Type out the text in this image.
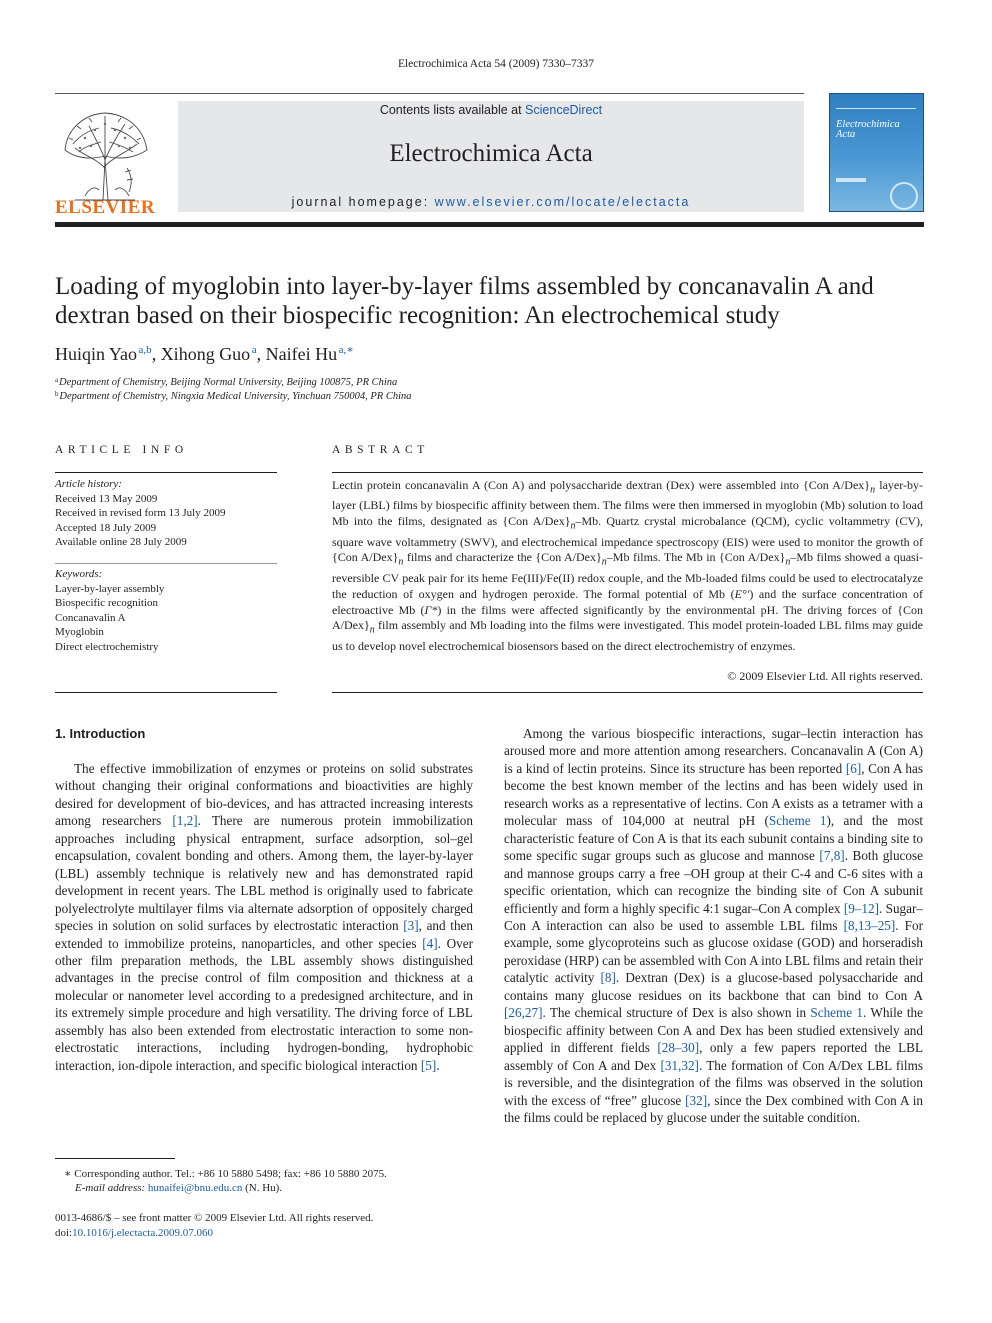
Electrochimica Acta 54 (2009) 7330–7337
ELSEVIER
Contents lists available at ScienceDirect
Electrochimica Acta
journal homepage: www.elsevier.com/locate/electacta
Electrochimica Acta
Loading of myoglobin into layer-by-layer films assembled by concanavalin A and dextran based on their biospecific recognition: An electrochemical study
Huiqin Yao  $^{a,b}$, Xihong Guo  $^a$, Naifei Hu  $^{a,∗}$
$^a$ Department of Chemistry, Beijing Normal University, Beijing 100875, PR China
$^b$ Department of Chemistry, Ningxia Medical University, Yinchuan 750004, PR China
ARTICLE INFO
Article history:
Received 13 May 2009
Received in revised form 13 July 2009
Accepted 18 July 2009
Available online 28 July 2009
Keywords:
Layer-by-layer assembly
Biospecific recognition
Concanavalin A
Myoglobin
Direct electrochemistry
ABSTRACT
Lectin protein concanavalin A (Con A) and polysaccharide dextran (Dex) were assembled into {Con $A/Dex\}_n$ layer-by-layer (LBL) films by biospecific affinity between them. The films were then immersed in myoglobin (Mb) solution to load Mb into the films, designated as {Con $A/Dex\}_n-Mb$. Quartz crystal microbalance (QCM), cyclic voltammetry (CV), square wave voltammetry (SWV), and electrochemical impedance spectroscopy (EIS) were used to monitor the growth of {Con $A/Dex\}_n$ films and characterize the {Con $A/Dex\}_n-Mb$ films. The Mb in {Con $A/Dex\}_n-Mb$ films showed a quasi-reversible CV peak pair for its heme Fe(III)/Fe(II) redox couple, and the Mb-loaded films could be used to electrocatalyze the reduction of oxygen and hydrogen peroxide. The formal potential of Mb (E°′) and the surface concentration of electroactive Mb (Γ*) in the films were affected significantly by the environmental pH. The driving forces of {Con $A/Dex\}_n$ film assembly and Mb loading into the films were investigated. This model protein-loaded LBL films may guide us to develop novel electrochemical biosensors based on the direct electrochemistry of enzymes.
© 2009 Elsevier Ltd. All rights reserved.
1. Introduction

The effective immobilization of enzymes or proteins on solid substrates without changing their original conformations and bioactivities are highly desired for development of bio-devices, and has attracted increasing interests among researchers [1,2]. There are numerous protein immobilization approaches including physical entrapment, surface adsorption, sol–gel encapsulation, covalent bonding and others. Among them, the layer-by-layer (LBL) assembly technique is relatively new and has demonstrated rapid development in recent years. The LBL method is originally used to fabricate polyelectrolyte multilayer films via alternate adsorption of oppositely charged species in solution on solid surfaces by electrostatic interaction [3], and then extended to immobilize proteins, nanoparticles, and other species [4]. Over other film preparation methods, the LBL assembly shows distinguished advantages in the precise control of film composition and thickness at a molecular or nanometer level according to a predesigned architecture, and in its extremely simple procedure and high versatility. The driving force of LBL assembly has also been extended from electrostatic interaction to some non-electrostatic interactions, including hydrogen-bonding, hydrophobic interaction, ion-dipole interaction, and specific biological interaction [5].

Among the various biospecific interactions, sugar–lectin interaction has aroused more and more attention among researchers. Concanavalin A (Con A) is a kind of lectin proteins. Since its structure has been reported [6], Con A has become the best known member of the lectins and has been widely used in research works as a representative of lectins. Con A exists as a tetramer with a molecular mass of 104,000 at neutral pH (Scheme 1), and the most characteristic feature of Con A is that its each subunit contains a binding site to some specific sugar groups such as glucose and mannose [7,8]. Both glucose and mannose groups carry a free –OH group at their C-4 and C-6 sites with a specific orientation, which can recognize the binding site of Con A subunit efficiently and form a highly specific 4:1 sugar–Con A complex [9–12]. Sugar–Con A interaction can also be used to assemble LBL films [8,13–25]. For example, some glycoproteins such as glucose oxidase (GOD) and horseradish peroxidase (HRP) can be assembled with Con A into LBL films and retain their catalytic activity [8]. Dextran (Dex) is a glucose-based polysaccharide and contains many glucose residues on its backbone that can bind to Con A [26,27]. The chemical structure of Dex is also shown in Scheme 1. While the biospecific affinity between Con A and Dex has been studied extensively and applied in different fields [28–30], only a few papers reported the LBL assembly of Con A and Dex [31,32]. The formation of Con A/Dex LBL films is reversible, and the disintegration of the films was observed in the solution with the excess of “free” glucose [32], since the Dex combined with Con A in the films could be replaced by glucose under the suitable condition.

∗ Corresponding author. Tel.: +86 10 5880 5498; fax: +86 10 5880 2075.
E-mail address: hunaifei@bnu.edu.cn (N. Hu).
0013-4686/$ – see front matter © 2009 Elsevier Ltd. All rights reserved.
doi:10.1016/j.electacta.2009.07.060
